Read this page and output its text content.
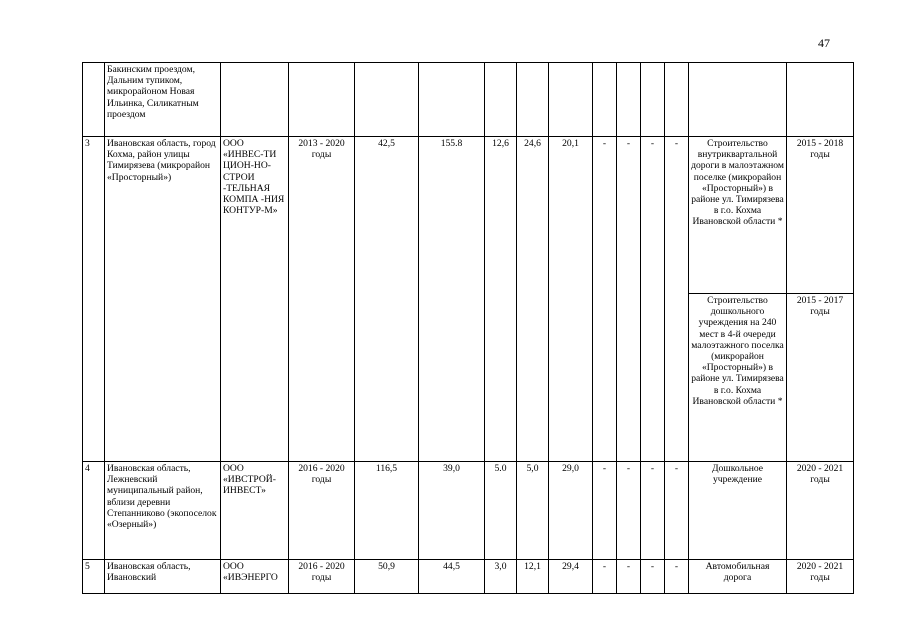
47
	Бакинским проездом, Дальним тупиком, микрорайоном Новая Ильинка, Силикатным проездом													
3	Ивановская область, город Кохма, район улицы Тимирязева (микрорайон «Просторный»)	ООО «ИНВЕС-ТИ ЦИОН-НО-СТРОИ -ТЕЛЬНАЯ КОМПА -НИЯ КОНТУР-М»	2013 - 2020 годы	42,5	155.8	12,6	24,6	20,1	-	-	-	-	Строительство внутриквартальной дороги в малоэтажном поселке (микрорайон «Просторный») в районе ул. Тимирязева в г.о. Кохма Ивановской области *	2015 - 2018 годы
													Строительство дошкольного учреждения на 240 мест в 4-й очереди малоэтажного поселка (микрорайон «Просторный») в районе ул. Тимирязева в г.о. Кохма Ивановской области *	2015 - 2017 годы
4	Ивановская область, Лежневский муниципальный район, вблизи деревни Степанниково (экопоселок «Озерный»)	ООО «ИВСТРОЙ-ИНВЕСТ»	2016 - 2020 годы	116,5	39,0	5.0	5,0	29,0	-	-	-	-	Дошкольное учреждение	2020 - 2021 годы
5	Ивановская область, Ивановский	ООО «ИВЭНЕРГО	2016 - 2020 годы	50,9	44,5	3,0	12,1	29,4	-	-	-	-	Автомобильная дорога	2020 - 2021 годы
